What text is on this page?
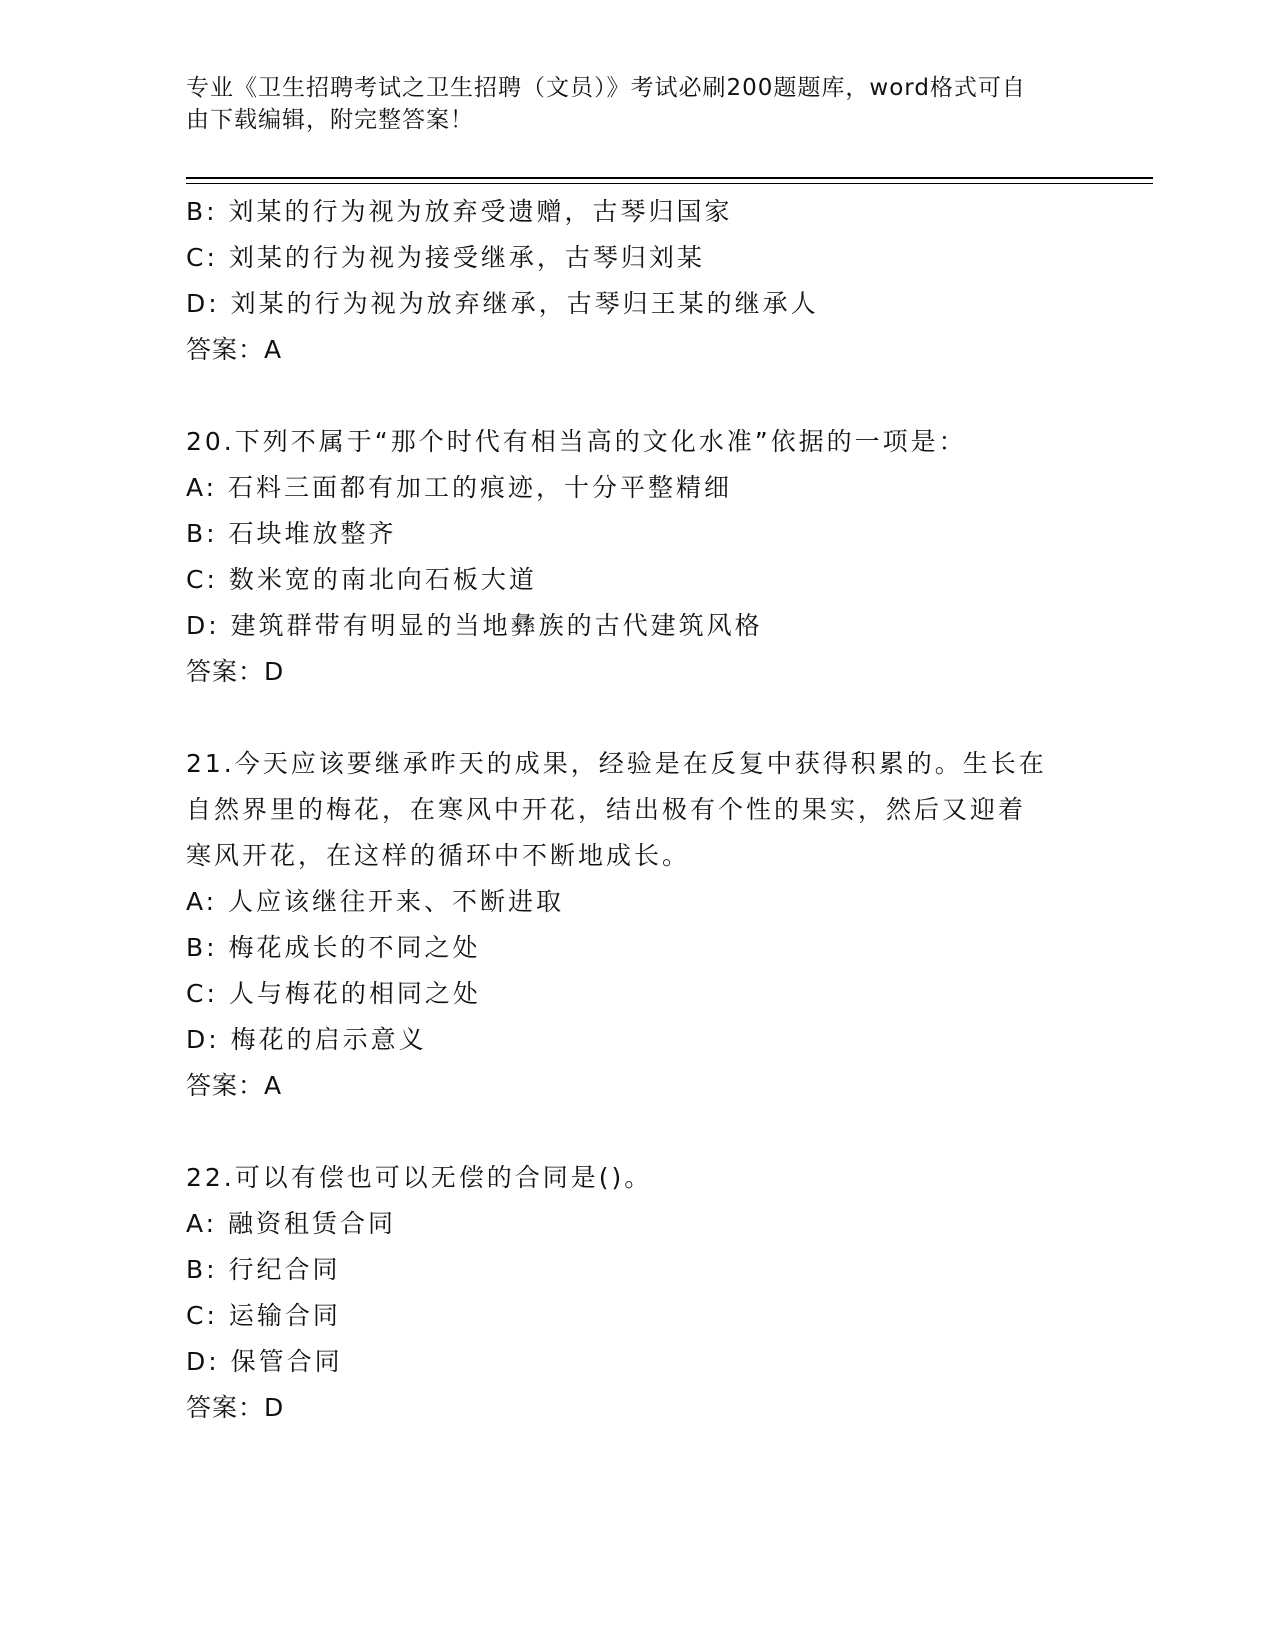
专业《卫生招聘考试之卫生招聘（文员）》考试必刷200题题库，word格式可自
由下载编辑，附完整答案！
B: 刘某的行为视为放弃受遗赠，古琴归国家
C: 刘某的行为视为接受继承，古琴归刘某
D: 刘某的行为视为放弃继承，古琴归王某的继承人
答案：A
20.下列不属于“那个时代有相当高的文化水准”依据的一项是：
A: 石料三面都有加工的痕迹，十分平整精细
B: 石块堆放整齐
C: 数米宽的南北向石板大道
D: 建筑群带有明显的当地彝族的古代建筑风格
答案：D
21.今天应该要继承昨天的成果，经验是在反复中获得积累的。生长在
自然界里的梅花，在寒风中开花，结出极有个性的果实，然后又迎着
寒风开花，在这样的循环中不断地成长。
A: 人应该继往开来、不断进取
B: 梅花成长的不同之处
C: 人与梅花的相同之处
D: 梅花的启示意义
答案：A
22.可以有偿也可以无偿的合同是()。
A: 融资租赁合同
B: 行纪合同
C: 运输合同
D: 保管合同
答案：D
